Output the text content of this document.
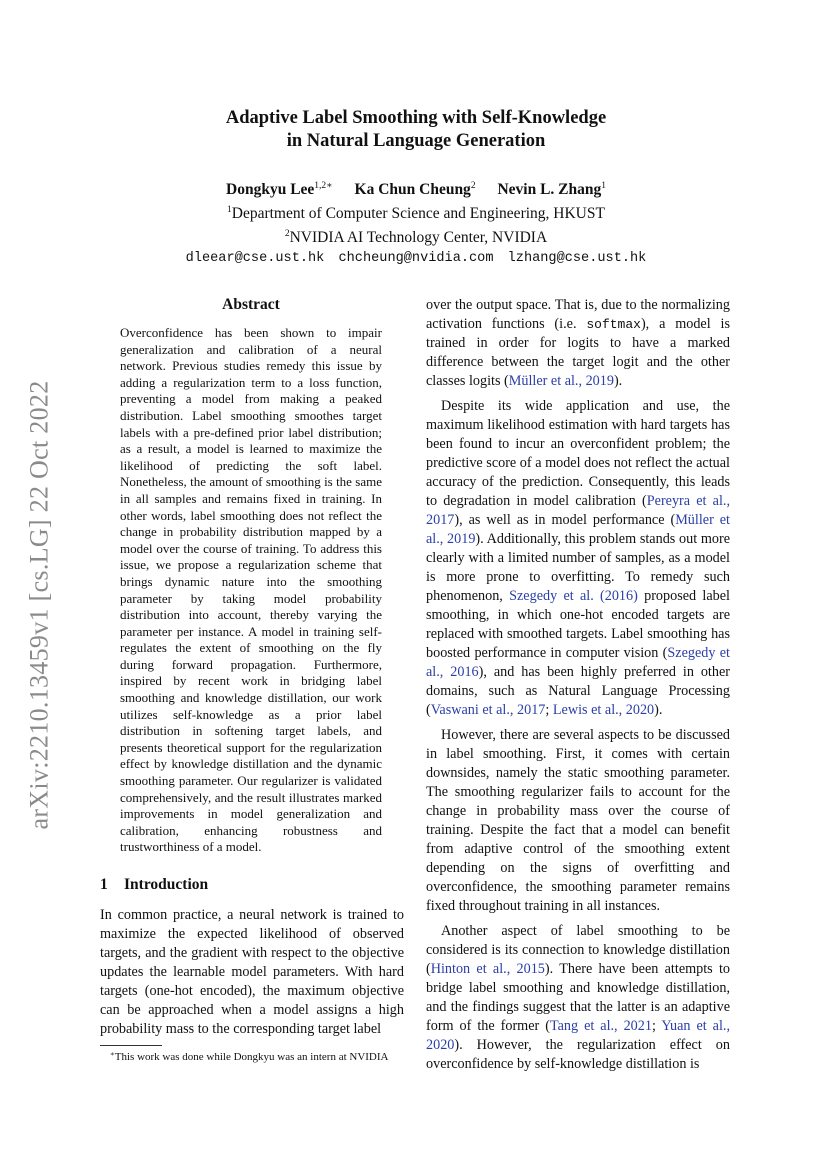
arXiv:2210.13459v1 [cs.LG] 22 Oct 2022
Adaptive Label Smoothing with Self-Knowledge
in Natural Language Generation
Dongkyu Lee$^{1,2∗}$ Ka Chun Cheung$^2$ Nevin L. Zhang$^1$
$^1$Department of Computer Science and Engineering, HKUST
$^2$NVIDIA AI Technology Center, NVIDIA
dleear@cse.ust.hk chcheung@nvidia.com lzhang@cse.ust.hk
Abstract

Overconfidence has been shown to impair generalization and calibration of a neural network. Previous studies remedy this issue by adding a regularization term to a loss function, preventing a model from making a peaked distribution. Label smoothing smoothes target labels with a pre-defined prior label distribution; as a result, a model is learned to maximize the likelihood of predicting the soft label. Nonetheless, the amount of smoothing is the same in all samples and remains fixed in training. In other words, label smoothing does not reflect the change in probability distribution mapped by a model over the course of training. To address this issue, we propose a regularization scheme that brings dynamic nature into the smoothing parameter by taking model probability distribution into account, thereby varying the parameter per instance. A model in training self-regulates the extent of smoothing on the fly during forward propagation. Furthermore, inspired by recent work in bridging label smoothing and knowledge distillation, our work utilizes self-knowledge as a prior label distribution in softening target labels, and presents theoretical support for the regularization effect by knowledge distillation and the dynamic smoothing parameter. Our regularizer is validated comprehensively, and the result illustrates marked improvements in model generalization and calibration, enhancing robustness and trustworthiness of a model.

1 Introduction

In common practice, a neural network is trained to maximize the expected likelihood of observed targets, and the gradient with respect to the objective updates the learnable model parameters. With hard targets (one-hot encoded), the maximum objective can be approached when a model assigns a high probability mass to the corresponding target label

∗This work was done while Dongkyu was an intern at NVIDIA

over the output space. That is, due to the normalizing activation functions (i.e. softmax), a model is trained in order for logits to have a marked difference between the target logit and the other classes logits (Müller et al., 2019).

Despite its wide application and use, the maximum likelihood estimation with hard targets has been found to incur an overconfident problem; the predictive score of a model does not reflect the actual accuracy of the prediction. Consequently, this leads to degradation in model calibration (Pereyra et al., 2017), as well as in model performance (Müller et al., 2019). Additionally, this problem stands out more clearly with a limited number of samples, as a model is more prone to overfitting. To remedy such phenomenon, Szegedy et al. (2016) proposed label smoothing, in which one-hot encoded targets are replaced with smoothed targets. Label smoothing has boosted performance in computer vision (Szegedy et al., 2016), and has been highly preferred in other domains, such as Natural Language Processing (Vaswani et al., 2017; Lewis et al., 2020).

However, there are several aspects to be discussed in label smoothing. First, it comes with certain downsides, namely the static smoothing parameter. The smoothing regularizer fails to account for the change in probability mass over the course of training. Despite the fact that a model can benefit from adaptive control of the smoothing extent depending on the signs of overfitting and overconfidence, the smoothing parameter remains fixed throughout training in all instances.

Another aspect of label smoothing to be considered is its connection to knowledge distillation (Hinton et al., 2015). There have been attempts to bridge label smoothing and knowledge distillation, and the findings suggest that the latter is an adaptive form of the former (Tang et al., 2021; Yuan et al., 2020). However, the regularization effect on overconfidence by self-knowledge distillation is
